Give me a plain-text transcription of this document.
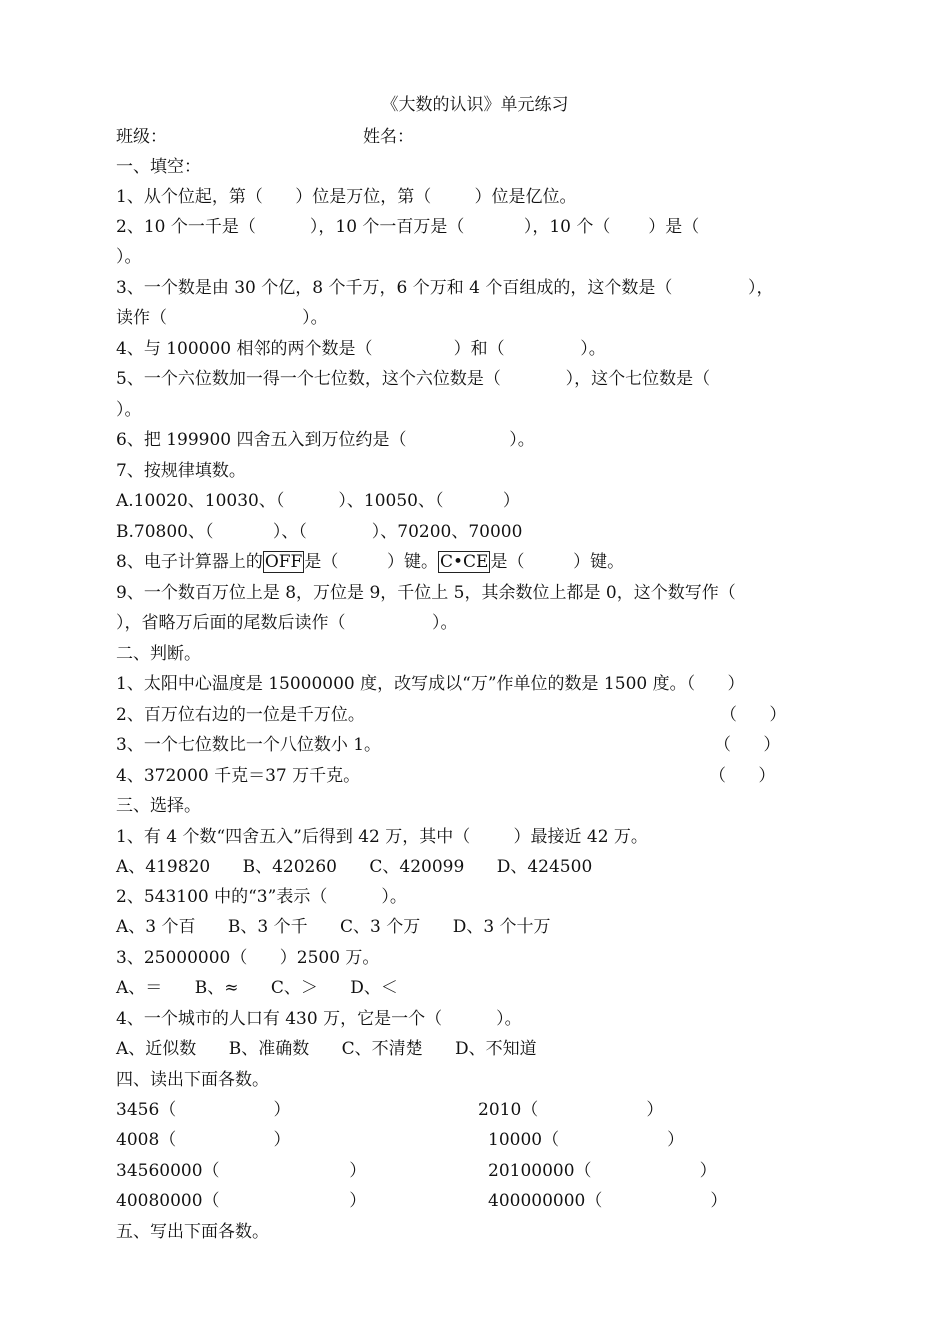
《大数的认识》单元练习
班级：	姓名：
一、填空：
1、从个位起，第（      ）位是万位，第（        ）位是亿位。
2、10 个一千是（          ），10 个一百万是（           ），10 个（       ）是（
）。
3、一个数是由 30 个亿，8 个千万，6 个万和 4 个百组成的，这个数是（              ），
读作（                         ）。
4、与 100000 相邻的两个数是（               ）和（              ）。
5、一个六位数加一得一个七位数，这个六位数是（            ），这个七位数是（
）。
6、把 199900 四舍五入到万位约是（                   ）。
7、按规律填数。
A.10020、10030、（          ）、10050、（           ）
B.70800、（           ）、（            ）、70200、70000
8、电子计算器上的 OFF 是（         ）键。 C•CE 是（         ）键。
9、一个数百万位上是 8，万位是 9，千位上 5，其余数位上都是 0，这个数写作（
），省略万后面的尾数后读作（                ）。
二、判断。
1、太阳中心温度是 15000000 度，改写成以“万”作单位的数是 1500 度。（      ）
2、百万位右边的一位是千万位。	（      ）
3、一个七位数比一个八位数小 1。	（      ）
4、372000 千克＝37 万千克。	（      ）
三、选择。
1、有 4 个数“四舍五入”后得到 42 万，其中（        ）最接近 42 万。
A、419820      B、420260      C、420099      D、424500
2、543100 中的“3”表示（          ）。
A、3 个百      B、3 个千      C、3 个万      D、3 个十万
3、25000000（      ）2500 万。
A、＝      B、≈      C、＞      D、＜
4、一个城市的人口有 430 万，它是一个（          ）。
A、近似数      B、准确数      C、不清楚      D、不知道
四、读出下面各数。
3456（                  ）	2010（                    ）
4008（                  ）	10000（                    ）
34560000（                        ）	20100000（                    ）
40080000（                        ）	400000000（                    ）
五、写出下面各数。
